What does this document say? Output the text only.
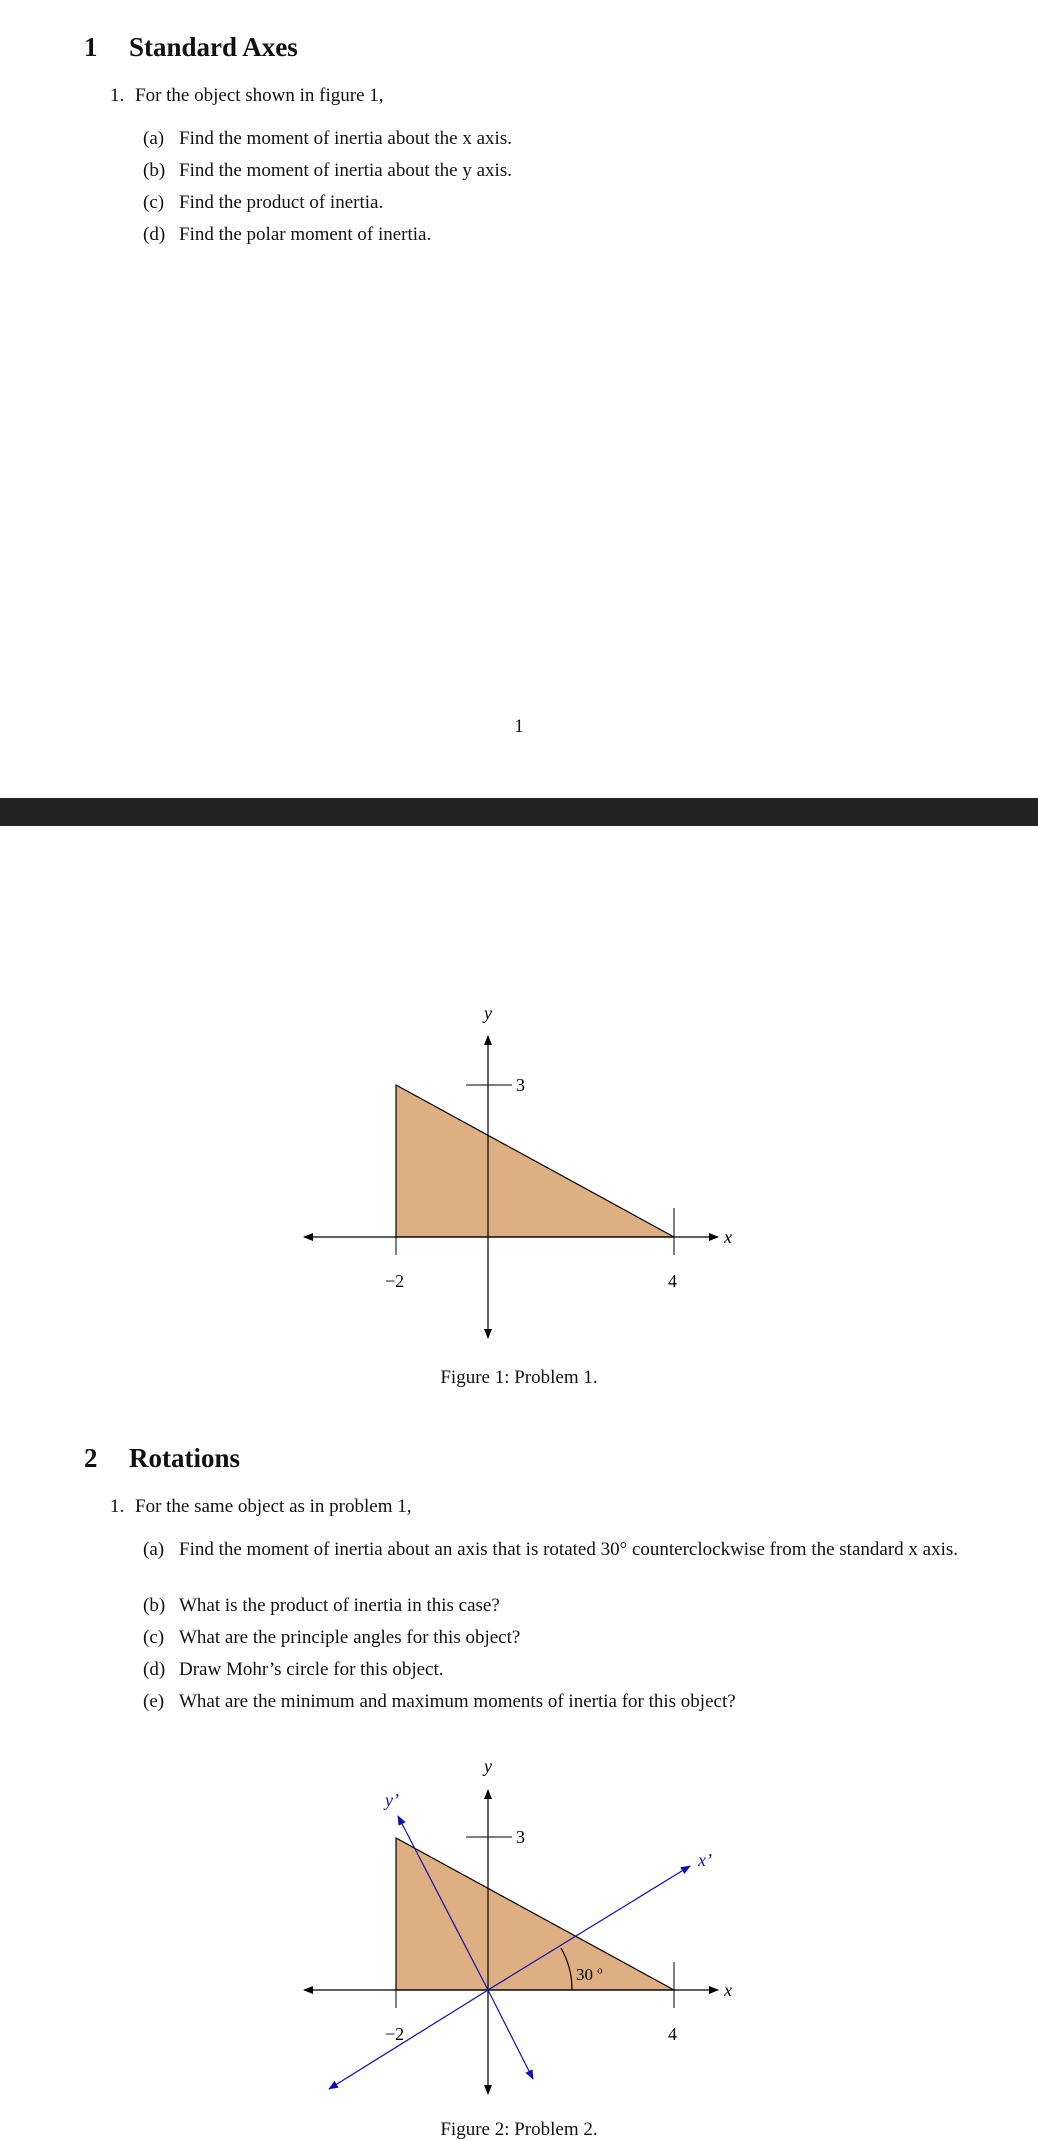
1 Standard Axes
1. For the object shown in figure 1,
(a) Find the moment of inertia about the x axis.
(b) Find the moment of inertia about the y axis.
(c) Find the product of inertia.
(d) Find the polar moment of inertia.
1
y
x
3
−2	4
Figure 1: Problem 1.
2 Rotations
1. For the same object as in problem 1,
(a) Find the moment of inertia about an axis that is rotated 30° counterclockwise from the standard x axis.
(b) What is the product of inertia in this case?
(c) What are the principle angles for this object?
(d) Draw Mohr’s circle for this object.
(e) What are the minimum and maximum moments of inertia for this object?
30 º
y
x
x’
y’
3
−2	4
Figure 2: Problem 2.
